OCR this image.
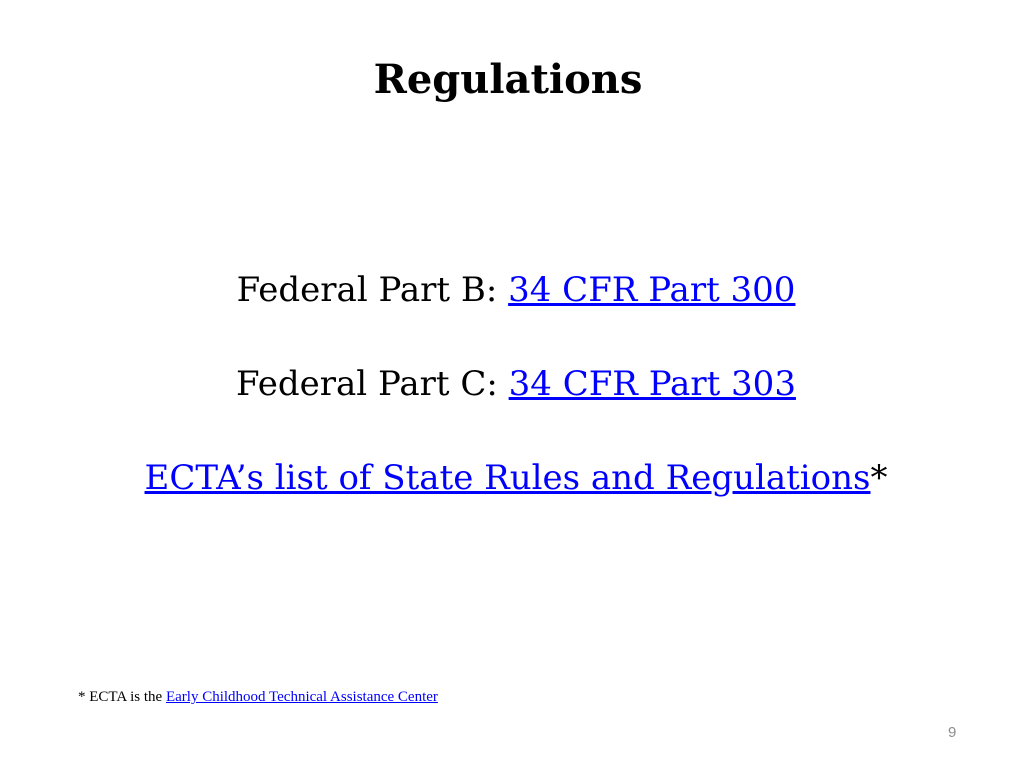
Regulations
Federal Part B: 34 CFR Part 300
Federal Part C: 34 CFR Part 303
ECTA’s list of State Rules and Regulations*
* ECTA is the Early Childhood Technical Assistance Center
9
